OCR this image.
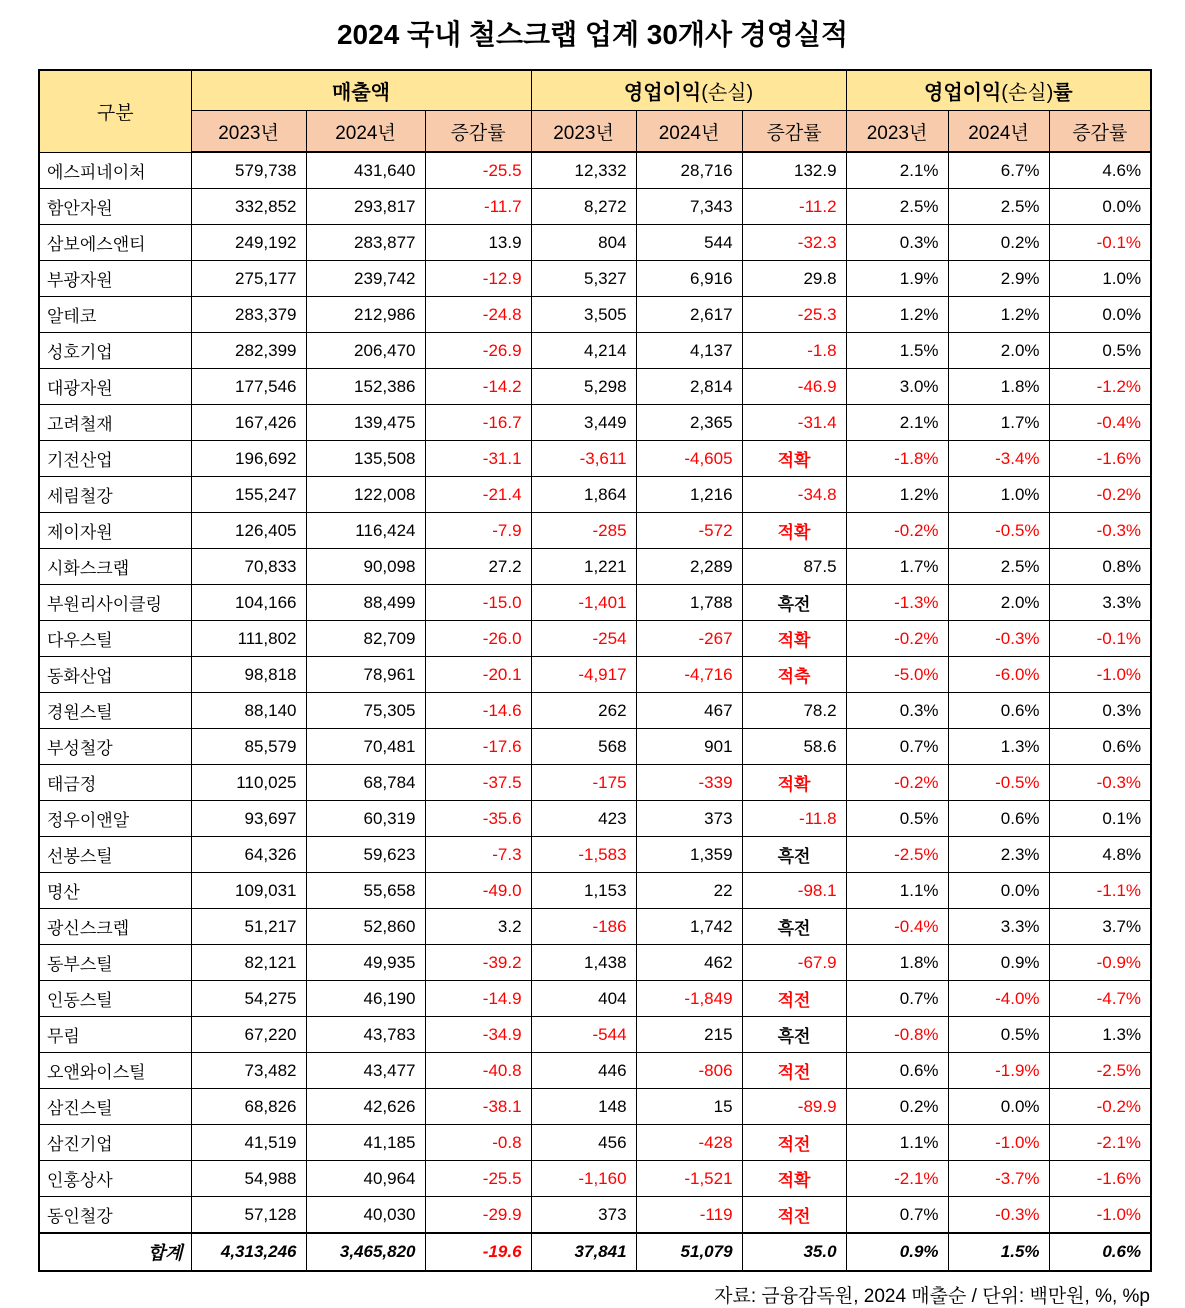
2024 국내 철스크랩 업계 30개사 경영실적
구분	매출액			영업이익(손실)			영업이익(손실)률		
	2023년	2024년	증감률	2023년	2024년	증감률	2023년	2024년	증감률
에스피네이처	579,738	431,640	-25.5	12,332	28,716	132.9	2.1%	6.7%	4.6%
함안자원	332,852	293,817	-11.7	8,272	7,343	-11.2	2.5%	2.5%	0.0%
삼보에스앤티	249,192	283,877	13.9	804	544	-32.3	0.3%	0.2%	-0.1%
부광자원	275,177	239,742	-12.9	5,327	6,916	29.8	1.9%	2.9%	1.0%
알테코	283,379	212,986	-24.8	3,505	2,617	-25.3	1.2%	1.2%	0.0%
성호기업	282,399	206,470	-26.9	4,214	4,137	-1.8	1.5%	2.0%	0.5%
대광자원	177,546	152,386	-14.2	5,298	2,814	-46.9	3.0%	1.8%	-1.2%
고려철재	167,426	139,475	-16.7	3,449	2,365	-31.4	2.1%	1.7%	-0.4%
기전산업	196,692	135,508	-31.1	-3,611	-4,605	적확	-1.8%	-3.4%	-1.6%
세림철강	155,247	122,008	-21.4	1,864	1,216	-34.8	1.2%	1.0%	-0.2%
제이자원	126,405	116,424	-7.9	-285	-572	적확	-0.2%	-0.5%	-0.3%
시화스크랩	70,833	90,098	27.2	1,221	2,289	87.5	1.7%	2.5%	0.8%
부원리사이클링	104,166	88,499	-15.0	-1,401	1,788	흑전	-1.3%	2.0%	3.3%
다우스틸	111,802	82,709	-26.0	-254	-267	적확	-0.2%	-0.3%	-0.1%
동화산업	98,818	78,961	-20.1	-4,917	-4,716	적축	-5.0%	-6.0%	-1.0%
경원스틸	88,140	75,305	-14.6	262	467	78.2	0.3%	0.6%	0.3%
부성철강	85,579	70,481	-17.6	568	901	58.6	0.7%	1.3%	0.6%
태금정	110,025	68,784	-37.5	-175	-339	적확	-0.2%	-0.5%	-0.3%
정우이앤알	93,697	60,319	-35.6	423	373	-11.8	0.5%	0.6%	0.1%
선봉스틸	64,326	59,623	-7.3	-1,583	1,359	흑전	-2.5%	2.3%	4.8%
명산	109,031	55,658	-49.0	1,153	22	-98.1	1.1%	0.0%	-1.1%
광신스크렙	51,217	52,860	3.2	-186	1,742	흑전	-0.4%	3.3%	3.7%
동부스틸	82,121	49,935	-39.2	1,438	462	-67.9	1.8%	0.9%	-0.9%
인동스틸	54,275	46,190	-14.9	404	-1,849	적전	0.7%	-4.0%	-4.7%
무림	67,220	43,783	-34.9	-544	215	흑전	-0.8%	0.5%	1.3%
오앤와이스틸	73,482	43,477	-40.8	446	-806	적전	0.6%	-1.9%	-2.5%
삼진스틸	68,826	42,626	-38.1	148	15	-89.9	0.2%	0.0%	-0.2%
삼진기업	41,519	41,185	-0.8	456	-428	적전	1.1%	-1.0%	-2.1%
인홍상사	54,988	40,964	-25.5	-1,160	-1,521	적확	-2.1%	-3.7%	-1.6%
동인철강	57,128	40,030	-29.9	373	-119	적전	0.7%	-0.3%	-1.0%
합계	4,313,246	3,465,820	-19.6	37,841	51,079	35.0	0.9%	1.5%	0.6%
자료: 금융감독원, 2024 매출순 / 단위: 백만원, %, %p
